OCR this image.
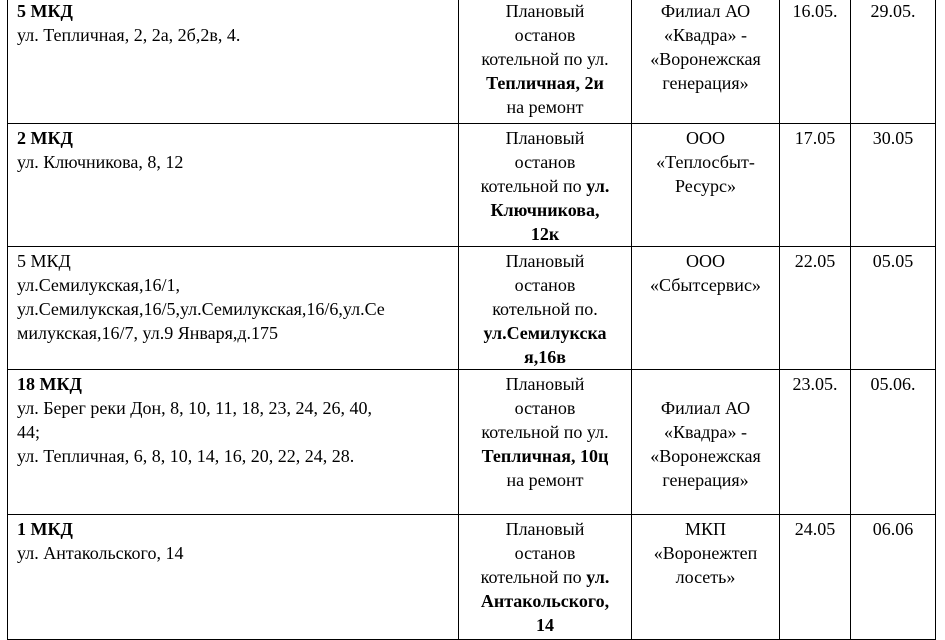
5 МКД
ул. Тепличная, 2, 2а, 2б,2в, 4.	Плановый
останов
котельной по ул.
Тепличная, 2и
на ремонт	Филиал АО
«Квадра» -
«Воронежская
генерация»	16.05.	29.05.

2 МКД
ул. Ключникова, 8, 12	Плановый
останов
котельной по ул.
Ключникова,
12к	ООО
«Теплосбыт-
Ресурс»	17.05	30.05

5 МКД
ул.Семилукская,16/1,
ул.Семилукская,16/5,ул.Семилукская,16/6,ул.Се
милукская,16/7, ул.9 Января,д.175	Плановый
останов
котельной по.
ул.Семилукска
я,16в	ООО
«Сбытсервис»	22.05	05.05

18 МКД
ул. Берег реки Дон, 8, 10, 11, 18, 23, 24, 26, 40,
44;
ул. Тепличная, 6, 8, 10, 14, 16, 20, 22, 24, 28.	Плановый
останов
котельной по ул.
Тепличная, 10ц
на ремонт	Филиал АО
«Квадра» -
«Воронежская
генерация»	23.05.	05.06.

1 МКД
ул. Антакольского, 14	Плановый
останов
котельной по ул.
Антакольского,
14	МКП
«Воронежтеп
лосеть»	24.05	06.06
